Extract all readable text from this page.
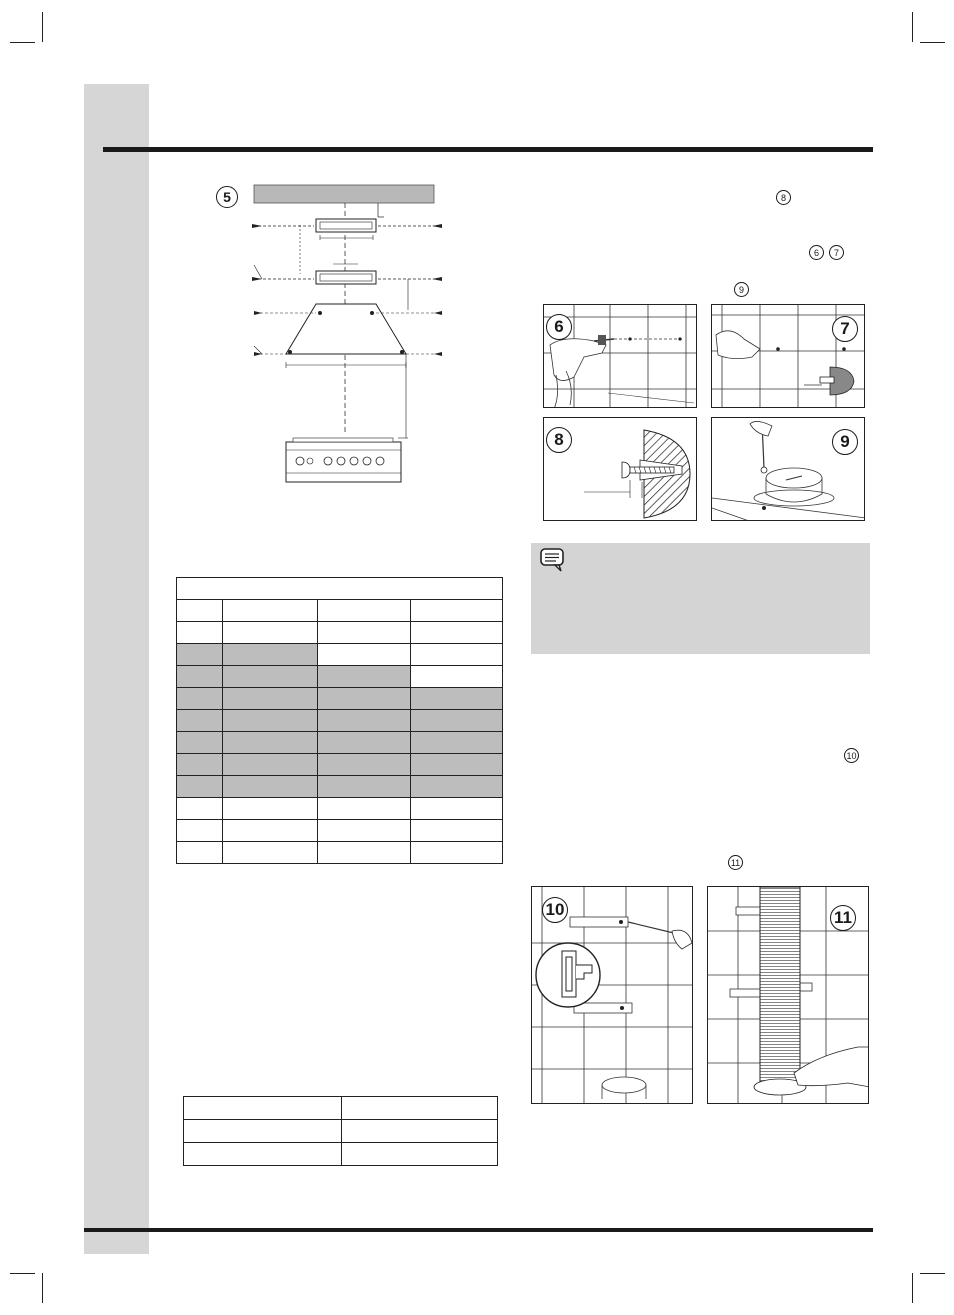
5

		8
6	7
9
10
11
6	7
8	9
10	11
